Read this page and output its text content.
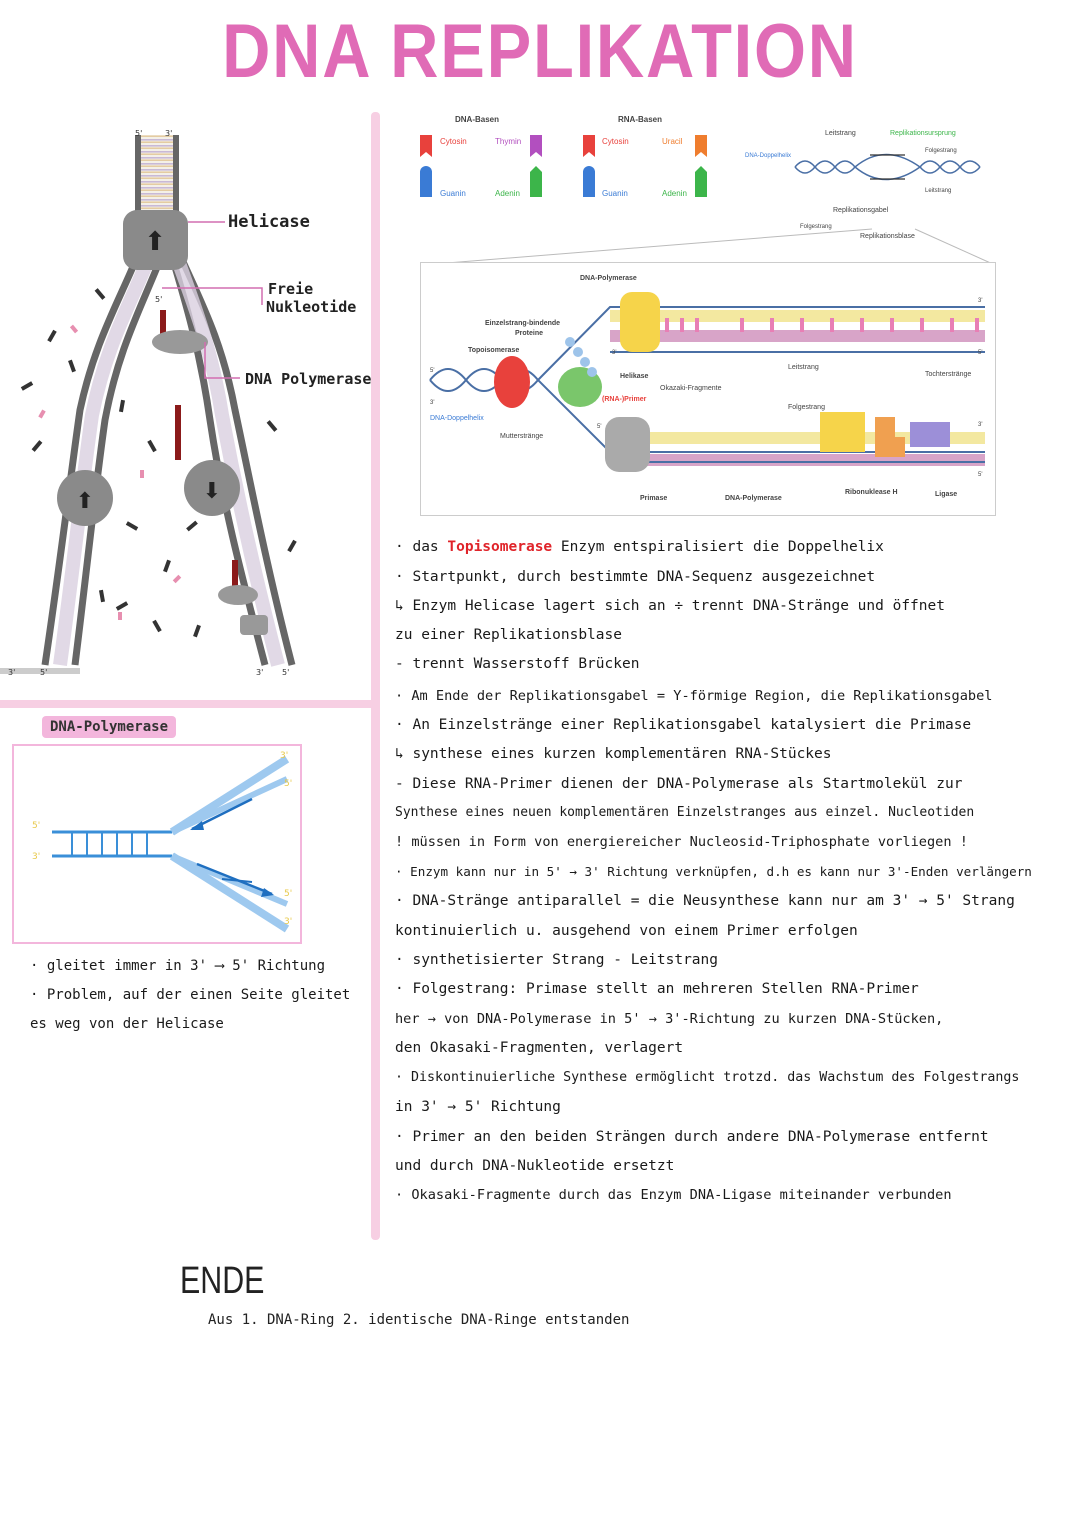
DNA REPLIKATION
⬆
⬆	⬇
5'	3'
5'
3'	5'	3' 5'
Helicase
Freie
Nukleotide
DNA Polymerase
DNA-Polymerase
5'
3'
3'
5'
5'
3'
· gleitet immer in 3' ⟶ 5' Richtung
· Problem, auf der einen Seite gleitet
es weg von der Helicase
DNA-Basen	RNA-Basen
Cytosin	Thymin
Guanin	Adenin
Cytosin	Uracil
Guanin	Adenin
Leitstrang	Replikationsursprung
Folgestrang
DNA-Doppelhelix
Leitstrang
Replikationsgabel
Folgestrang
Replikationsblase
DNA-Polymerase
Einzelstrang-bindende
Proteine
Topoisomerase
Helikase
(RNA-)Primer
Okazaki-Fragmente
Leitstrang
Folgestrang
Tochterstränge
DNA-Doppelhelix
Mutterstränge
Primase	DNA-Polymerase
Ribonuklease H	Ligase
5'
3'
5'
3'
3'
5'
3'
5'
· das Topisomerase Enzym entspiralisiert die Doppelhelix
· Startpunkt, durch bestimmte DNA-Sequenz ausgezeichnet
↳ Enzym Helicase lagert sich an ÷ trennt DNA-Stränge und öffnet
zu einer Replikationsblase
- trennt Wasserstoff Brücken
· Am Ende der Replikationsgabel = Y-förmige Region, die Replikationsgabel
· An Einzelstränge einer Replikationsgabel katalysiert die Primase
↳ synthese eines kurzen komplementären RNA-Stückes
- Diese RNA-Primer dienen der DNA-Polymerase als Startmolekül zur
Synthese eines neuen komplementären Einzelstranges aus einzel. Nucleotiden
! müssen in Form von energiereicher Nucleosid-Triphosphate vorliegen !
· Enzym kann nur in 5' → 3' Richtung verknüpfen, d.h es kann nur 3'-Enden verlängern
· DNA-Stränge antiparallel = die Neusynthese kann nur am 3' → 5' Strang
kontinuierlich u. ausgehend von einem Primer erfolgen
· synthetisierter Strang - Leitstrang
· Folgestrang: Primase stellt an mehreren Stellen RNA-Primer
her → von DNA-Polymerase in 5' → 3'-Richtung zu kurzen DNA-Stücken,
den Okasaki-Fragmenten, verlagert
· Diskontinuierliche Synthese ermöglicht trotzd. das Wachstum des Folgestrangs
in 3' → 5' Richtung
· Primer an den beiden Strängen durch andere DNA-Polymerase entfernt
und durch DNA-Nukleotide ersetzt
· Okasaki-Fragmente durch das Enzym DNA-Ligase miteinander verbunden
ENDE
Aus 1. DNA-Ring 2. identische DNA-Ringe entstanden
